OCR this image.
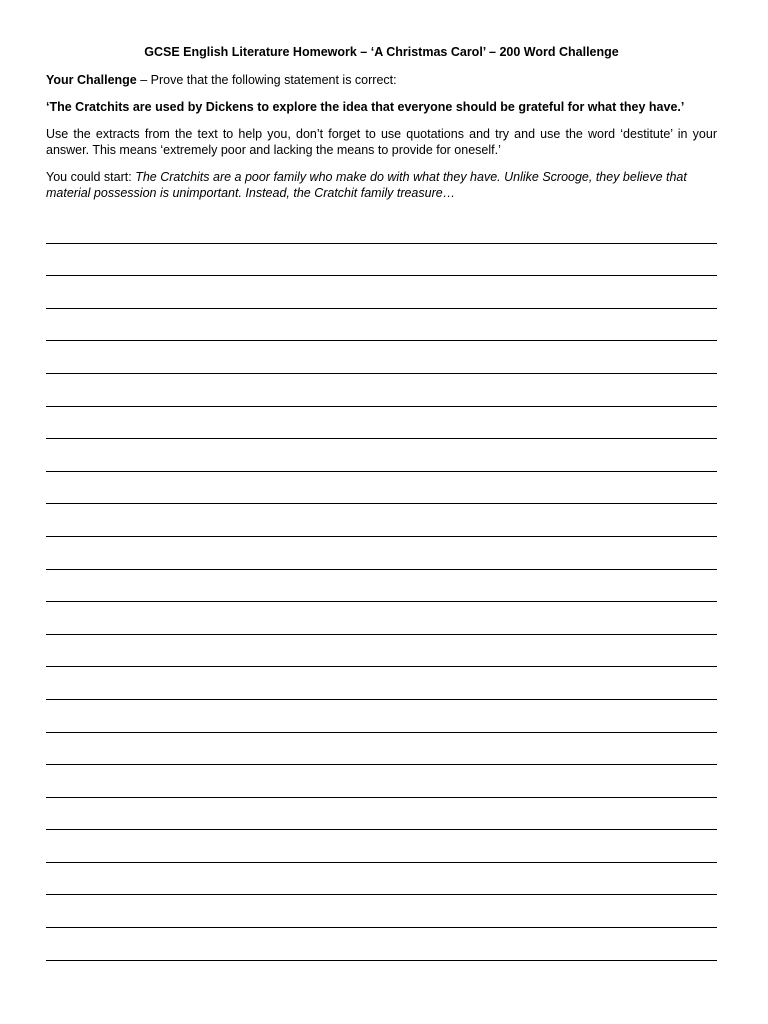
GCSE English Literature Homework – ‘A Christmas Carol’ – 200 Word Challenge

Your Challenge – Prove that the following statement is correct:

‘The Cratchits are used by Dickens to explore the idea that everyone should be grateful for what they have.’

Use the extracts from the text to help you, don’t forget to use quotations and try and use the word ‘destitute’ in your answer. This means ‘extremely poor and lacking the means to provide for oneself.’

You could start: The Cratchits are a poor family who make do with what they have. Unlike Scrooge, they believe that material possession is unimportant. Instead, the Cratchit family treasure…
